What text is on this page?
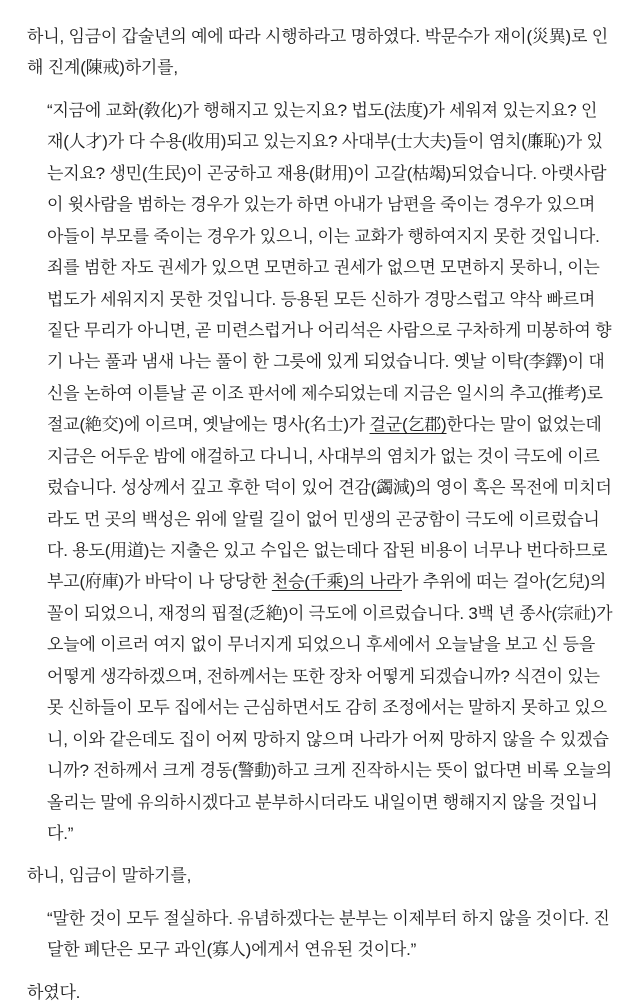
하니, 임금이 갑술년의 예에 따라 시행하라고 명하였다. 박문수가 재이(災異)로 인해 진계(陳戒)하기를,

“지금에 교화(敎化)가 행해지고 있는지요? 법도(法度)가 세워져 있는지요? 인재(人才)가 다 수용(收用)되고 있는지요? 사대부(士大夫)들이 염치(廉恥)가 있는지요? 생민(生民)이 곤궁하고 재용(財用)이 고갈(枯竭)되었습니다. 아랫사람이 윗사람을 범하는 경우가 있는가 하면 아내가 남편을 죽이는 경우가 있으며 아들이 부모를 죽이는 경우가 있으니, 이는 교화가 행하여지지 못한 것입니다. 죄를 범한 자도 권세가 있으면 모면하고 권세가 없으면 모면하지 못하니, 이는 법도가 세워지지 못한 것입니다. 등용된 모든 신하가 경망스럽고 약삭 빠르며 짙단 무리가 아니면, 곧 미련스럽거나 어리석은 사람으로 구차하게 미봉하여 향기 나는 풀과 냄새 나는 풀이 한 그릇에 있게 되었습니다. 옛날 이탁(李鐸)이 대신을 논하여 이튿날 곧 이조 판서에 제수되었는데 지금은 일시의 추고(推考)로 절교(絶交)에 이르며, 옛날에는 명사(名士)가 걸군(乞郡)한다는 말이 없었는데 지금은 어두운 밤에 애걸하고 다니니, 사대부의 염치가 없는 것이 극도에 이르렀습니다. 성상께서 깊고 후한 덕이 있어 견감(蠲減)의 영이 혹은 목전에 미치더라도 먼 곳의 백성은 위에 알릴 길이 없어 민생의 곤궁함이 극도에 이르렀습니다. 용도(用道)는 지출은 있고 수입은 없는데다 잡된 비용이 너무나 번다하므로 부고(府庫)가 바닥이 나 당당한 천승(千乘)의 나라가 추위에 떠는 걸아(乞兒)의 꼴이 되었으니, 재정의 핍절(乏絶)이 극도에 이르렀습니다. 3백 년 종사(宗社)가 오늘에 이르러 여지 없이 무너지게 되었으니 후세에서 오늘날을 보고 신 등을 어떻게 생각하겠으며, 전하께서는 또한 장차 어떻게 되겠습니까? 식견이 있는 못 신하들이 모두 집에서는 근심하면서도 감히 조정에서는 말하지 못하고 있으니, 이와 같은데도 집이 어찌 망하지 않으며 나라가 어찌 망하지 않을 수 있겠습니까? 전하께서 크게 경동(警動)하고 크게 진작하시는 뜻이 없다면 비록 오늘의 올리는 말에 유의하시겠다고 분부하시더라도 내일이면 행해지지 않을 것입니다.”

하니, 임금이 말하기를,

“말한 것이 모두 절실하다. 유념하겠다는 분부는 이제부터 하지 않을 것이다. 진달한 폐단은 모구 과인(寡人)에게서 연유된 것이다.”

하였다.
